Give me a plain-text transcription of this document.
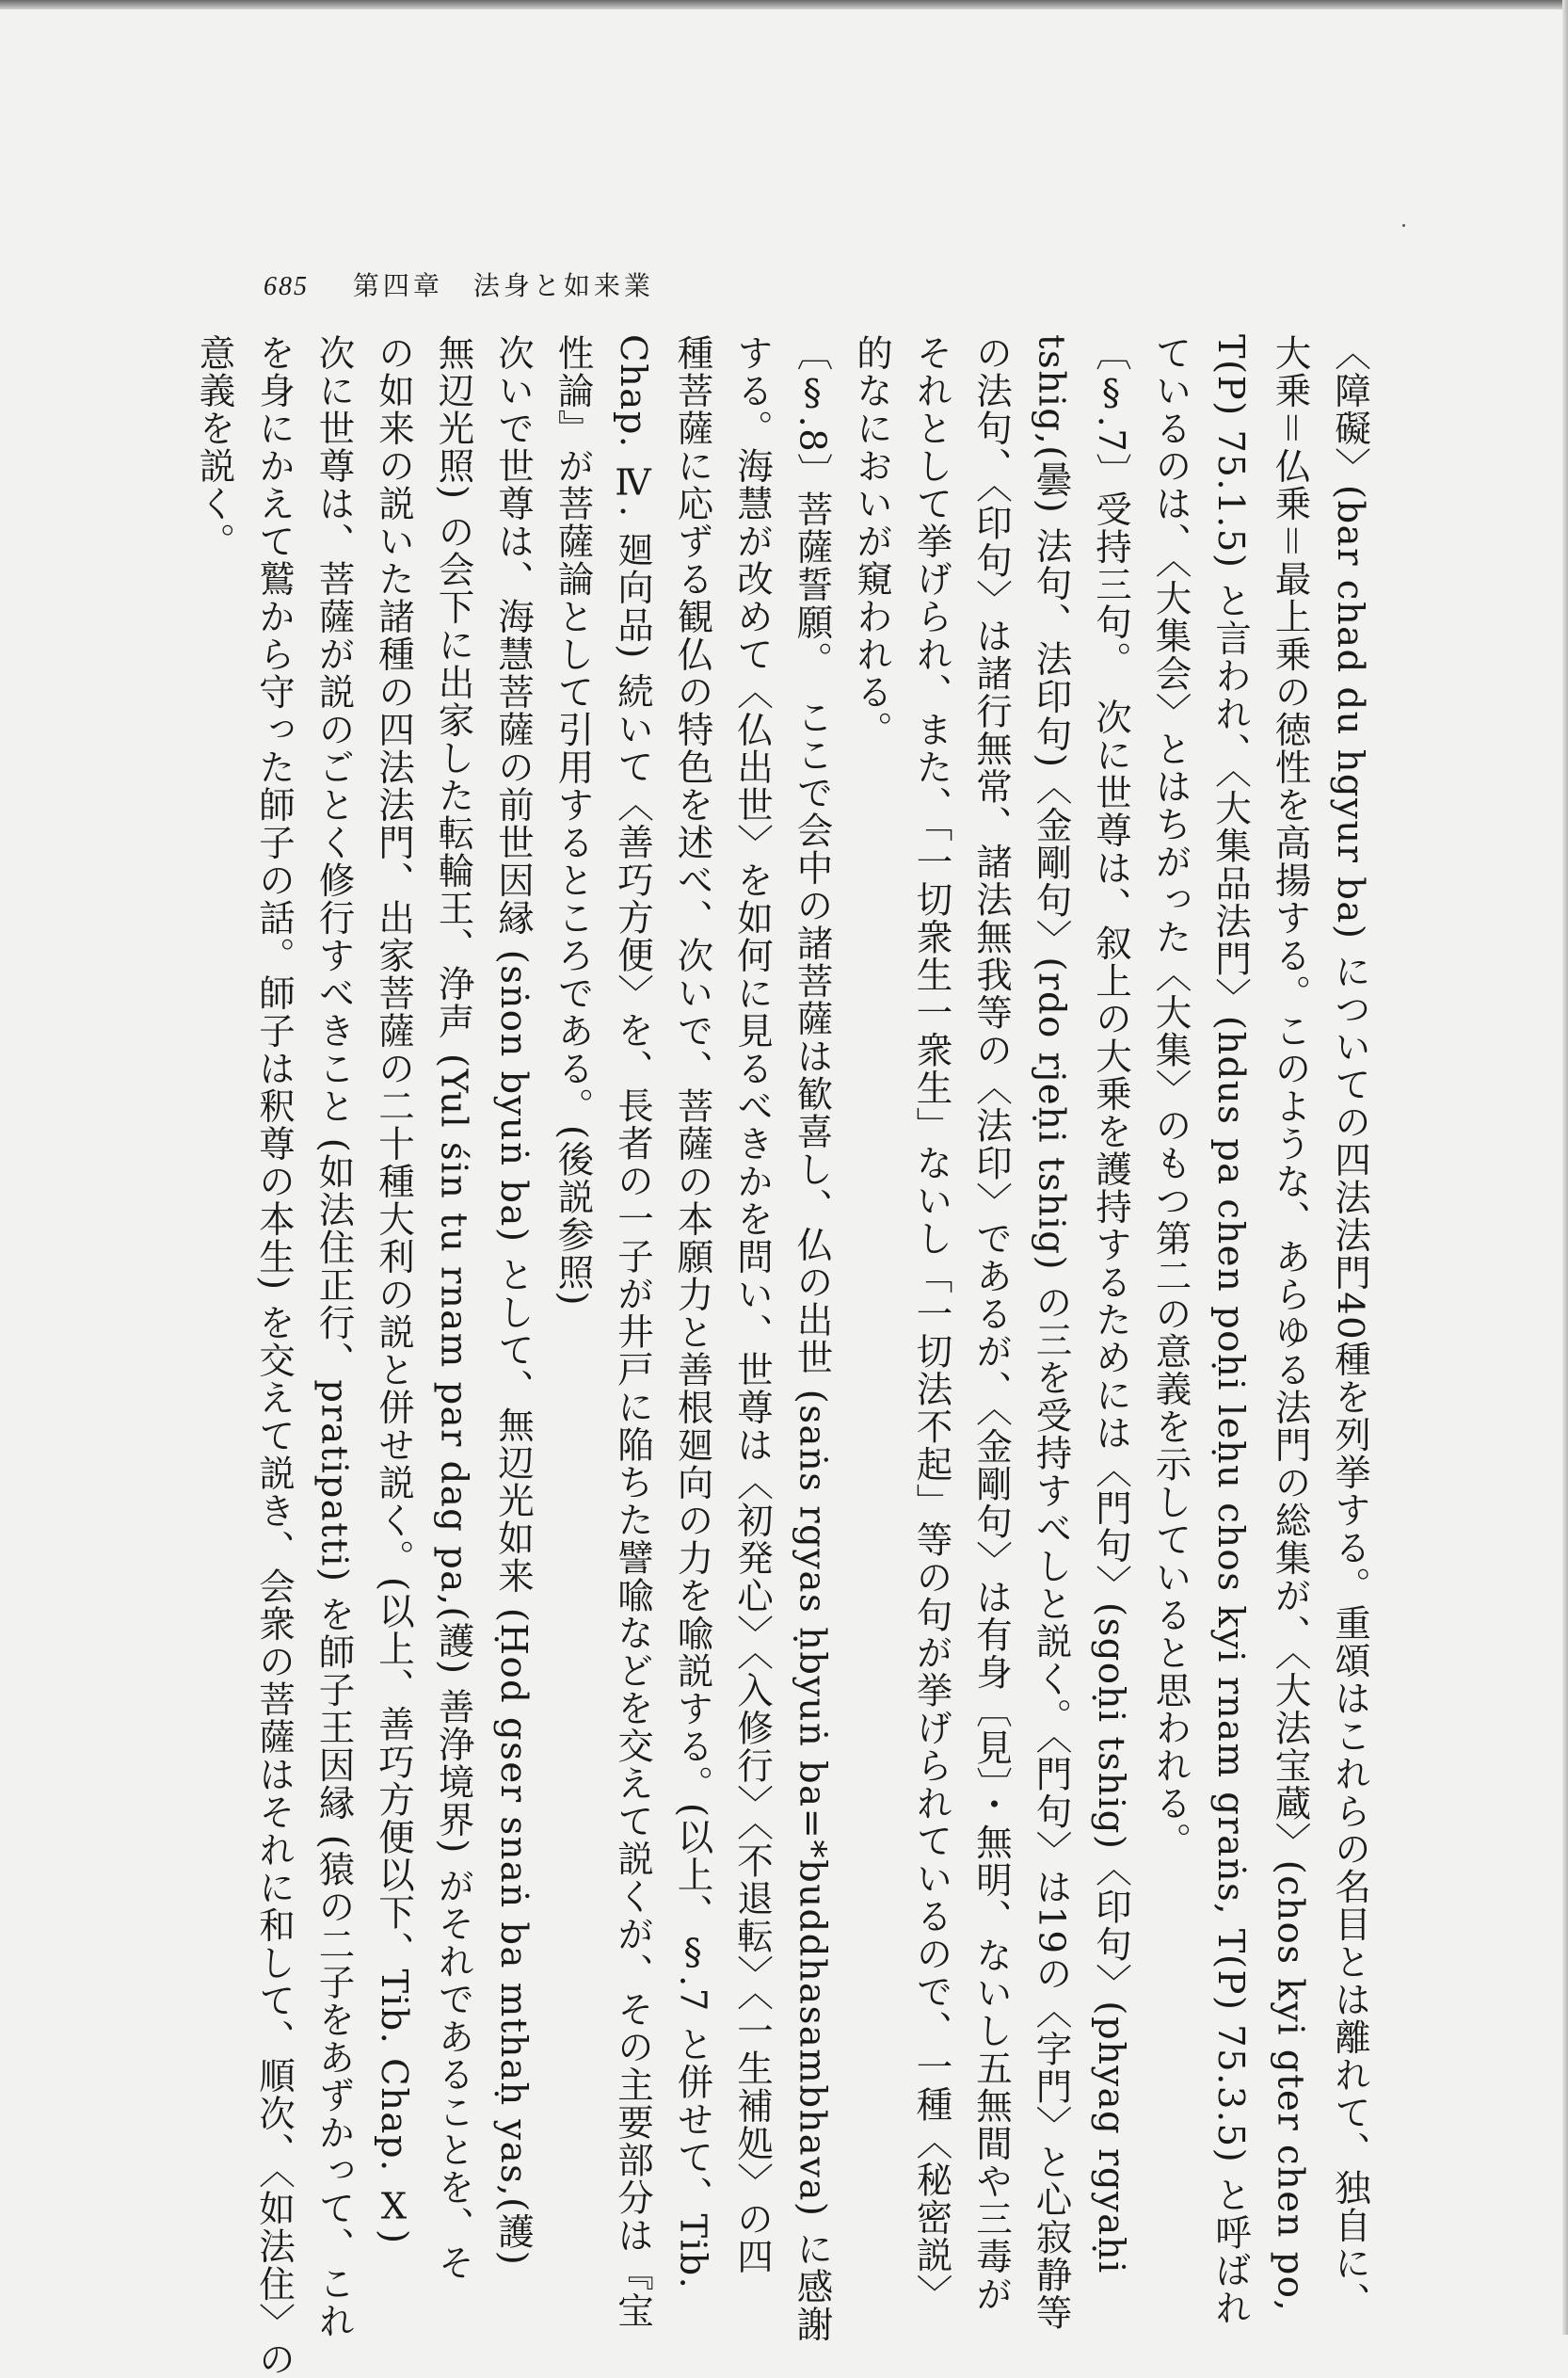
685 第四章　法身と如来業
〈障礙〉(bar chad du hgyur ba) についての四法法門40種を列挙する。重頌はこれらの名目とは離れて、独自に、
大乗＝仏乗＝最上乗の徳性を高揚する。このような、あらゆる法門の総集が、〈大法宝蔵〉(chos kyi gter chen po,
T(P) 75.1.5) と言われ、〈大集品法門〉(hdus pa chen poḥi leḥu chos kyi rnam graṅs, T(P) 75.3.5) と呼ばれ
ているのは、〈大集会〉とはちがった〈大集〉のもつ第二の意義を示していると思われる。
〔§.7〕受持三句。　次に世尊は、叙上の大乗を護持するためには〈門句〉(sgoḥi tshig)〈印句〉(phyag rgyaḥi
tshig,(曇) 法句、法印句)〈金剛句〉(rdo rjeḥi tshig) の三を受持すべしと説く。〈門句〉は19の〈字門〉と心寂静等
の法句、〈印句〉は諸行無常、諸法無我等の〈法印〉であるが、〈金剛句〉は有身〔見〕・無明、ないし五無間や三毒が
それとして挙げられ、また、「一切衆生一衆生」ないし「一切法不起」等の句が挙げられているので、一種〈秘密説〉
的なにおいが窺われる。
〔§.8〕菩薩誓願。　ここで会中の諸菩薩は歓喜し、仏の出世 (saṅs rgyas ḥbyuṅ ba=*buddhasambhava) に感謝
する。海慧が改めて〈仏出世〉を如何に見るべきかを問い、世尊は〈初発心〉〈入修行〉〈不退転〉〈一生補処〉の四
種菩薩に応ずる観仏の特色を述べ、次いで、菩薩の本願力と善根廻向の力を喩説する。(以上、§.7 と併せて、Tib.
Chap. Ⅳ. 廻向品) 続いて〈善巧方便〉を、長者の一子が井戸に陥ちた譬喩などを交えて説くが、その主要部分は『宝
性論』が菩薩論として引用するところである。(後説参照)
次いで世尊は、海慧菩薩の前世因縁 (sṅon byuṅ ba) として、無辺光如来 (Ḥod gser snaṅ ba mthaḥ yas,(護)
無辺光照) の会下に出家した転輪王、浄声 (Yul śin tu rnam par dag pa,(護) 善浄境界) がそれであることを、そ
の如来の説いた諸種の四法法門、出家菩薩の二十種大利の説と併せ説く。(以上、善巧方便以下、Tib. Chap. Ⅹ)
次に世尊は、菩薩が説のごとく修行すべきこと (如法住正行、pratipatti) を師子王因縁 (猿の二子をあずかって、これ
を身にかえて鷲から守った師子の話。師子は釈尊の本生) を交えて説き、会衆の菩薩はそれに和して、順次、〈如法住〉の
意義を説く。
